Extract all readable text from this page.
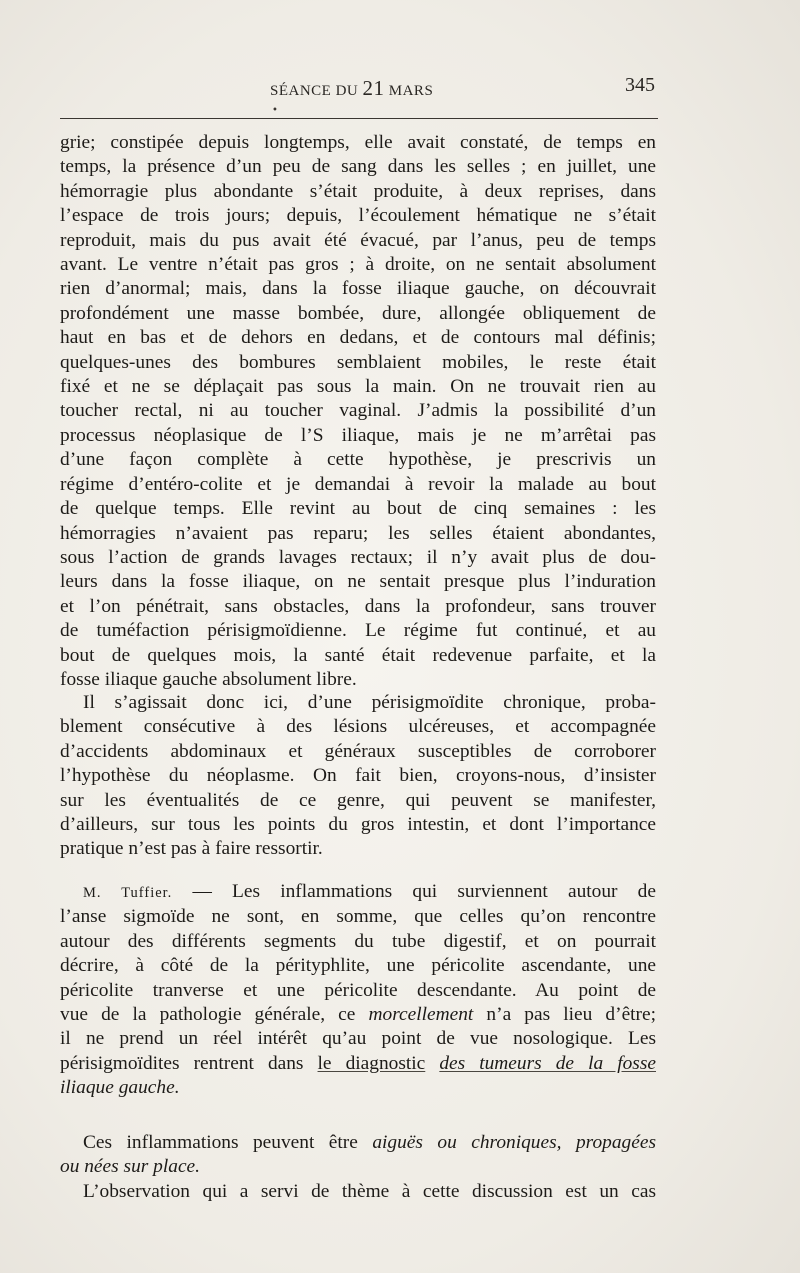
SÉANCE DU 21 MARS	345
•
grie; constipée depuis longtemps, elle avait constaté, de temps en
temps, la présence d’un peu de sang dans les selles ; en juillet, une
hémorragie plus abondante s’était produite, à deux reprises, dans
l’espace de trois jours; depuis, l’écoulement hématique ne s’était
reproduit, mais du pus avait été évacué, par l’anus, peu de temps
avant. Le ventre n’était pas gros ; à droite, on ne sentait absolument
rien d’anormal; mais, dans la fosse iliaque gauche, on découvrait
profondément une masse bombée, dure, allongée obliquement de
haut en bas et de dehors en dedans, et de contours mal définis;
quelques-unes des bombures semblaient mobiles, le reste était
fixé et ne se déplaçait pas sous la main. On ne trouvait rien au
toucher rectal, ni au toucher vaginal. J’admis la possibilité d’un
processus néoplasique de l’S iliaque, mais je ne m’arrêtai pas
d’une façon complète à cette hypothèse, je prescrivis un
régime d’entéro-colite et je demandai à revoir la malade au bout
de quelque temps. Elle revint au bout de cinq semaines : les
hémorragies n’avaient pas reparu; les selles étaient abondantes,
sous l’action de grands lavages rectaux; il n’y avait plus de dou-
leurs dans la fosse iliaque, on ne sentait presque plus l’induration
et l’on pénétrait, sans obstacles, dans la profondeur, sans trouver
de tuméfaction périsigmoïdienne. Le régime fut continué, et au
bout de quelques mois, la santé était redevenue parfaite, et la
fosse iliaque gauche absolument libre.
Il s’agissait donc ici, d’une périsigmoïdite chronique, proba-
blement consécutive à des lésions ulcéreuses, et accompagnée
d’accidents abdominaux et généraux susceptibles de corroborer
l’hypothèse du néoplasme. On fait bien, croyons-nous, d’insister
sur les éventualités de ce genre, qui peuvent se manifester,
d’ailleurs, sur tous les points du gros intestin, et dont l’importance
pratique n’est pas à faire ressortir.
M. Tuffier. — Les inflammations qui surviennent autour de
l’anse sigmoïde ne sont, en somme, que celles qu’on rencontre
autour des différents segments du tube digestif, et on pourrait
décrire, à côté de la pérityphlite, une péricolite ascendante, une
péricolite tranverse et une péricolite descendante. Au point de
vue de la pathologie générale, ce morcellement n’a pas lieu d’être;
il ne prend un réel intérêt qu’au point de vue nosologique. Les
périsigmoïdites rentrent dans le diagnostic des tumeurs de la fosse
iliaque gauche.
Ces inflammations peuvent être aiguës ou chroniques, propagées
ou nées sur place.
L’observation qui a servi de thème à cette discussion est un cas
